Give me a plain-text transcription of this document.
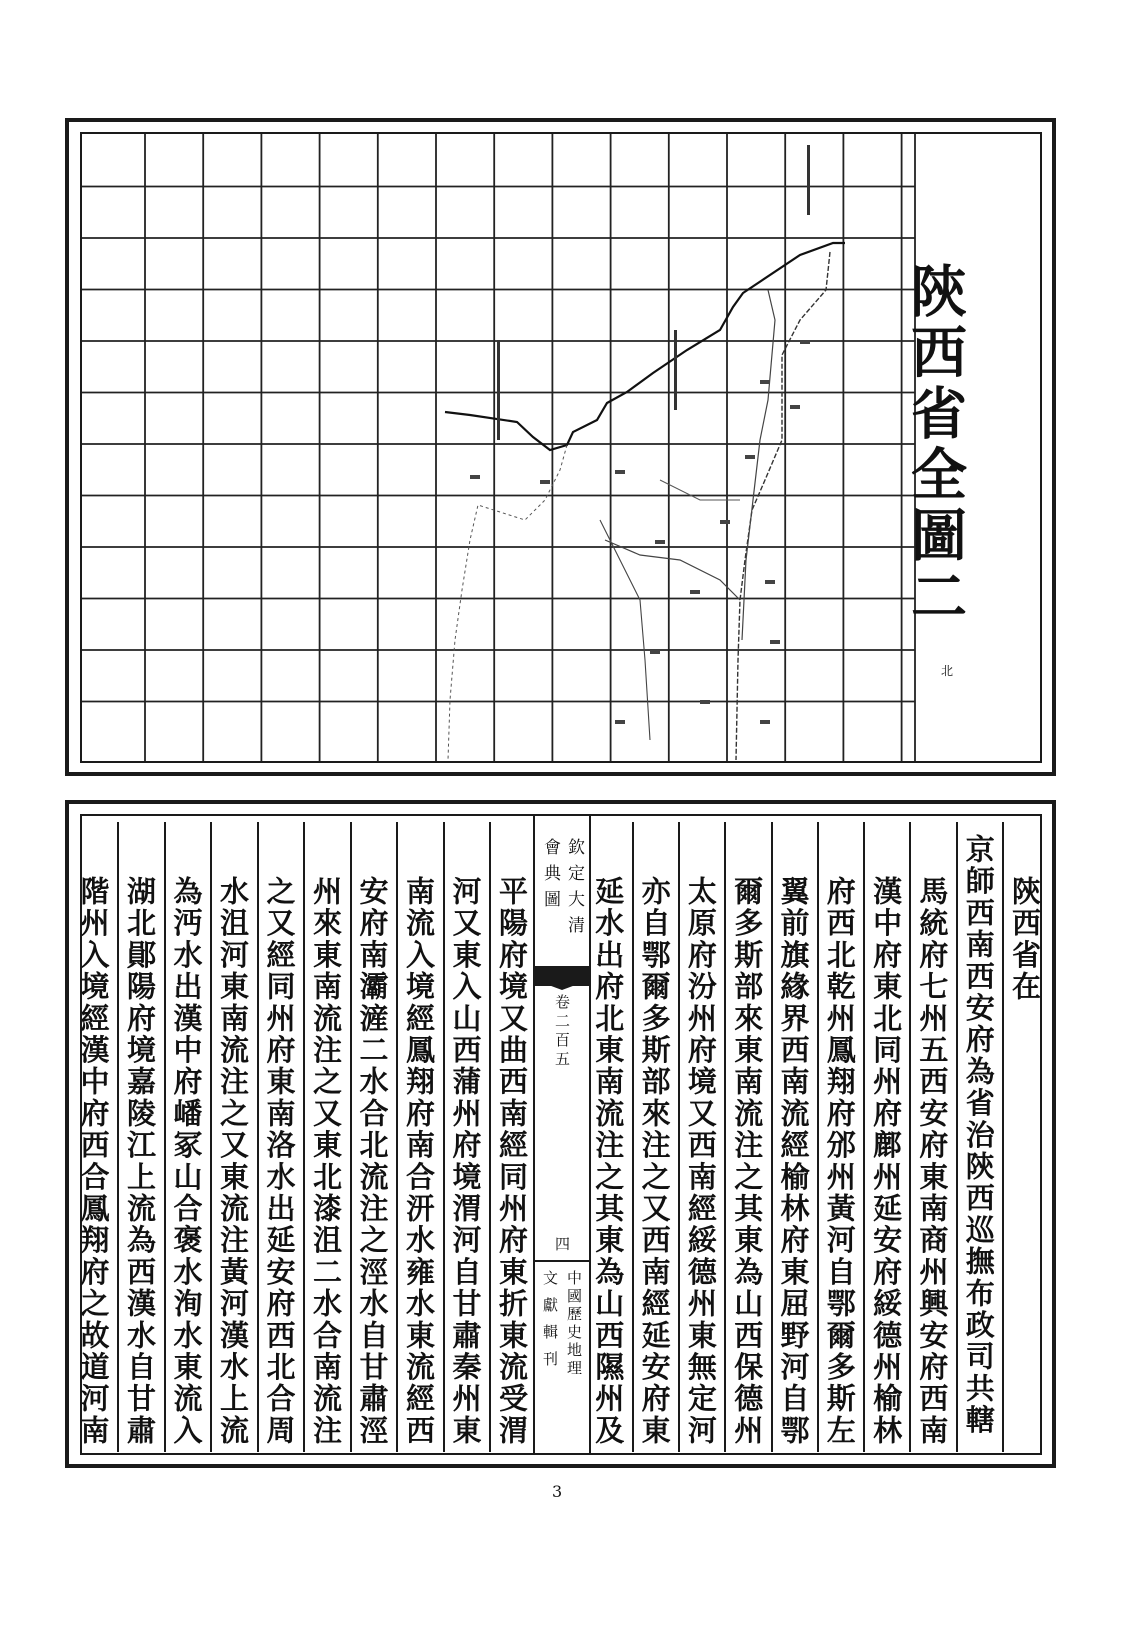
陝西省全圖二
北
陝西省在
京師西南西安府為省治陝西巡撫布政司共轄
馬統府七州五西安府東南商州興安府西南
漢中府東北同州府鄜州延安府綏德州榆林
府西北乾州鳳翔府邠州黃河自鄂爾多斯左
翼前旗緣界西南流經榆林府東屈野河自鄂
爾多斯部來東南流注之其東為山西保德州
太原府汾州府境又西南經綏德州東無定河
亦自鄂爾多斯部來注之又西南經延安府東
延水出府北東南流注之其東為山西隰州及
平陽府境又曲西南經同州府東折東流受渭
河又東入山西蒲州府境渭河自甘肅秦州東
南流入境經鳳翔府南合汧水雍水東流經西
安府南灞滻二水合北流注之涇水自甘肅涇
州來東南流注之又東北漆沮二水合南流注
之又經同州府東南洛水出延安府西北合周
水沮河東南流注之又東流注黃河漢水上流
為沔水出漢中府嶓冢山合褒水洵水東流入
湖北鄖陽府境嘉陵江上流為西漢水自甘肅
階州入境經漢中府西合鳳翔府之故道河南	欽定大清
會典圖
卷二百五
四
中國歷史地理
文獻輯刊
3
